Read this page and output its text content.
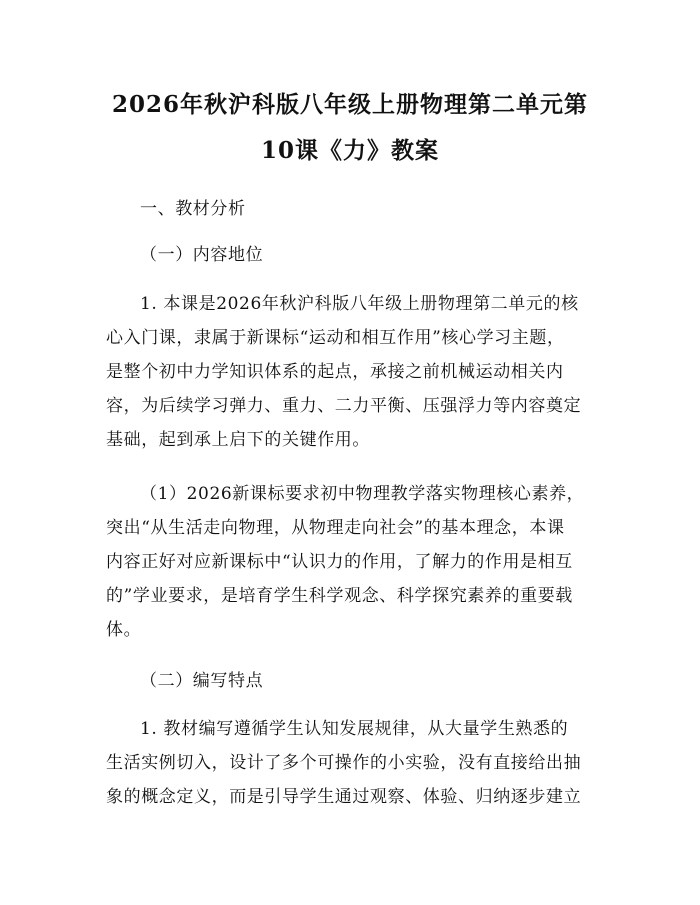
2026年秋沪科版八年级上册物理第二单元第
10课《力》教案
一、教材分析
（一）内容地位
1. 本课是2026年秋沪科版八年级上册物理第二单元的核
心入门课，隶属于新课标“运动和相互作用”核心学习主题，
是整个初中力学知识体系的起点，承接之前机械运动相关内
容，为后续学习弹力、重力、二力平衡、压强浮力等内容奠定
基础，起到承上启下的关键作用。
（1）2026新课标要求初中物理教学落实物理核心素养，
突出“从生活走向物理，从物理走向社会”的基本理念，本课
内容正好对应新课标中“认识力的作用，了解力的作用是相互
的”学业要求，是培育学生科学观念、科学探究素养的重要载
体。
（二）编写特点
1. 教材编写遵循学生认知发展规律，从大量学生熟悉的
生活实例切入，设计了多个可操作的小实验，没有直接给出抽
象的概念定义，而是引导学生通过观察、体验、归纳逐步建立
